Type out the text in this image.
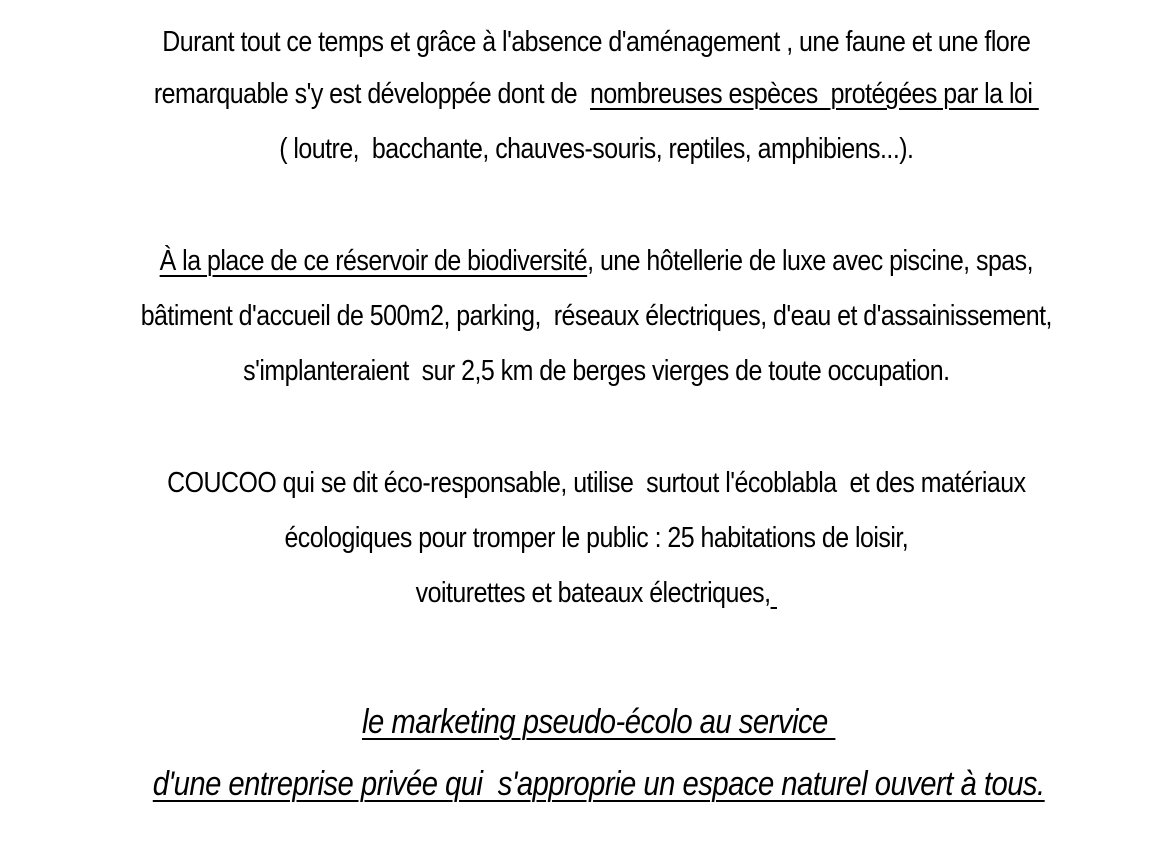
Durant tout ce temps et grâce à l'absence d'aménagement , une faune et une flore

remarquable s'y est développée dont de  nombreuses espèces  protégées par la loi

( loutre,  bacchante, chauves-souris, reptiles, amphibiens...).

À la place de ce réservoir de biodiversité, une hôtellerie de luxe avec piscine, spas,

bâtiment d'accueil de 500m2, parking,  réseaux électriques, d'eau et d'assainissement,

s'implanteraient  sur 2,5 km de berges vierges de toute occupation.

COUCOO qui se dit éco-responsable, utilise  surtout l'écoblabla  et des matériaux

écologiques pour tromper le public : 25 habitations de loisir,

voiturettes et bateaux électriques,

le marketing pseudo-écolo au service

d'une entreprise privée qui  s'approprie un espace naturel ouvert à tous.
